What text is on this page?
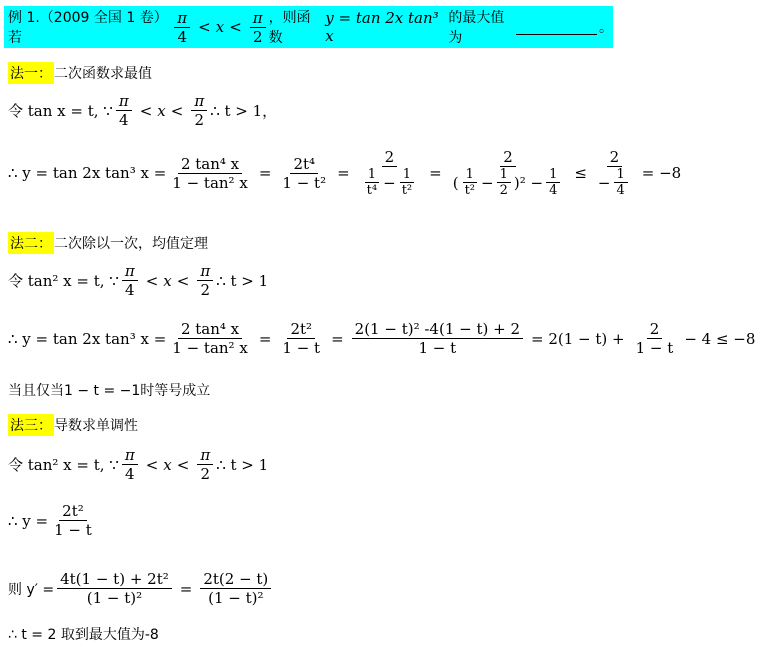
例 1.（2009 全国 1 卷）若	$\frac{\pi}{4} < x < \frac{\pi}{2}$ ，则函数
y = tan 2x tan³ x
的最大值为
。
法一： 二次函数求最值
令 tan x = t, ∵ $\frac{\pi}{4} < x < \frac{\pi}{2}$ ∴ t > 1，
∴ y = tan 2x tan³ $x = \frac{\text{2 tan⁴ x}}{\text{1 − tan² x}} = \frac{\text{2t⁴}}{\text{1 − t²}} = \frac{2}{\frac{1}{\text{t⁴}} - \frac{1}{\text{t²}}} = \frac{2}{( \frac{1}{\text{t²}} - \frac{1}{2} )^2 - \frac{1}{4}} \le \frac{2}{- \frac{1}{4}} = -8$
法二： 二次除以一次，均值定理
令 tan² x = t, ∵ $\frac{\pi}{4} < x < \frac{\pi}{2}$ ∴ t > 1
∴ y = tan 2x tan³ $x = \frac{\text{2 tan⁴ x}}{\text{1 − tan² x}} = \frac{\text{2t²}}{1 - t} = \frac{\text{2(1 − t)² -4(1 − t) + 2}}{1 - t} = 2(1 - t) + \frac{2}{1 - t} - 4 \le -8$
当且仅当1 − t = −1时等号成立
法三： 导数求单调性
令 tan² x = t, ∵ $\frac{\pi}{4} < x < \frac{\pi}{2}$ ∴ t > 1
∴ $y = \frac{\text{2t²}}{1 - t}$
则 $y' = \frac{\text{4t(1 − t) + 2t²}}{\text{(1 − t)²}} = \frac{2t(2 - t)}{\text{(1 − t)²}}$
∴ t = 2 取到最大值为-8
